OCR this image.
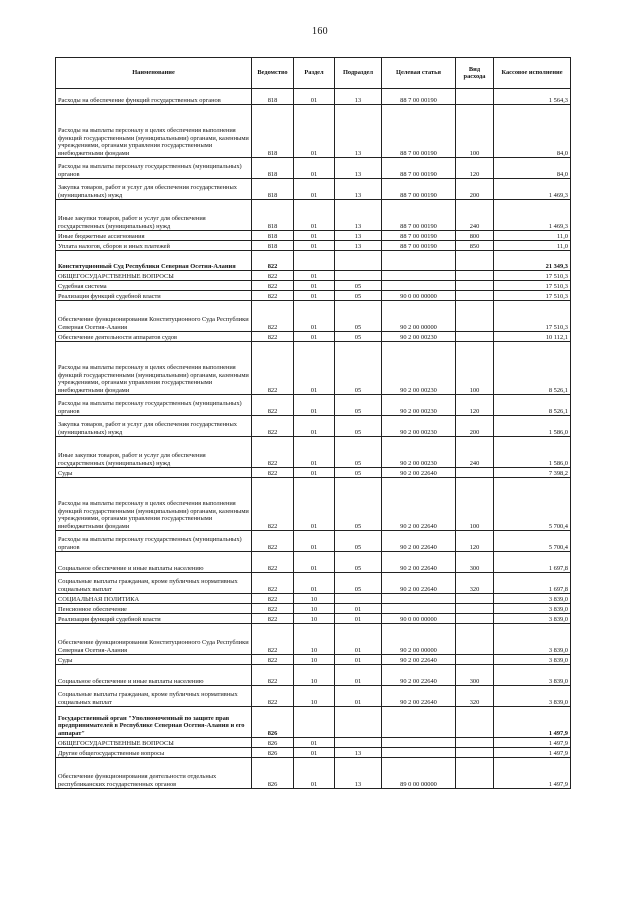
160
Наименование	Ведомство	Раздел	Подраздел	Целевая статья	Вид расхода	Кассовое исполнение
Расходы на обеспечение функций государственных органов	818	01	13	88 7 00 00190		1 564,3
Расходы на выплаты персоналу в целях обеспечения выполнения функций государственными (муниципальными) органами, казенными учреждениями, органами управления государственными внебюджетными фондами	818	01	13	88 7 00 00190	100	84,0
Расходы на выплаты персоналу государственных (муниципальных) органов	818	01	13	88 7 00 00190	120	84,0
Закупка товаров, работ и услуг для обеспечения государственных (муниципальных) нужд	818	01	13	88 7 00 00190	200	1 469,3
Иные закупки товаров, работ и услуг для обеспечения государственных (муниципальных) нужд	818	01	13	88 7 00 00190	240	1 469,3
Иные бюджетные ассигнования	818	01	13	88 7 00 00190	800	11,0
Уплата налогов, сборов и иных платежей	818	01	13	88 7 00 00190	850	11,0
Конституционный Суд Республики Северная Осетия-Алания	822					21 349,3
ОБЩЕГОСУДАРСТВЕННЫЕ ВОПРОСЫ	822	01				17 510,3
Судебная система	822	01	05			17 510,3
Реализация функций судебной власти	822	01	05	90 0 00 00000		17 510,3
Обеспечение функционирования Конституционного Суда Республики Северная Осетия-Алания	822	01	05	90 2 00 00000		17 510,3
Обеспечение деятельности аппаратов судов	822	01	05	90 2 00 00230		10 112,1
Расходы на выплаты персоналу в целях обеспечения выполнения функций государственными (муниципальными) органами, казенными учреждениями, органами управления государственными внебюджетными фондами	822	01	05	90 2 00 00230	100	8 526,1
Расходы на выплаты персоналу государственных (муниципальных) органов	822	01	05	90 2 00 00230	120	8 526,1
Закупка товаров, работ и услуг для обеспечения государственных (муниципальных) нужд	822	01	05	90 2 00 00230	200	1 586,0
Иные закупки товаров, работ и услуг для обеспечения государственных (муниципальных) нужд	822	01	05	90 2 00 00230	240	1 586,0
Суды	822	01	05	90 2 00 22640		7 398,2
Расходы на выплаты персоналу в целях обеспечения выполнения функций государственными (муниципальными) органами, казенными учреждениями, органами управления государственными внебюджетными фондами	822	01	05	90 2 00 22640	100	5 700,4
Расходы на выплаты персоналу государственных (муниципальных) органов	822	01	05	90 2 00 22640	120	5 700,4
Социальное обеспечение и иные выплаты населению	822	01	05	90 2 00 22640	300	1 697,8
Социальные выплаты гражданам, кроме публичных нормативных социальных выплат	822	01	05	90 2 00 22640	320	1 697,8
СОЦИАЛЬНАЯ ПОЛИТИКА	822	10				3 839,0
Пенсионное обеспечение	822	10	01			3 839,0
Реализация функций судебной власти	822	10	01	90 0 00 00000		3 839,0
Обеспечение функционирования Конституционного Суда Республики Северная Осетия-Алания	822	10	01	90 2 00 00000		3 839,0
Суды	822	10	01	90 2 00 22640		3 839,0
Социальное обеспечение и иные выплаты населению	822	10	01	90 2 00 22640	300	3 839,0
Социальные выплаты гражданам, кроме публичных нормативных социальных выплат	822	10	01	90 2 00 22640	320	3 839,0
Государственный орган "Уполномоченный по защите прав предпринимателей в Республике Северная Осетия-Алания и его аппарат"	826					1 497,9
ОБЩЕГОСУДАРСТВЕННЫЕ ВОПРОСЫ	826	01				1 497,9
Другие общегосударственные вопросы	826	01	13			1 497,9
Обеспечение функционирования деятельности отдельных республиканских государственных органов	826	01	13	89 0 00 00000		1 497,9
